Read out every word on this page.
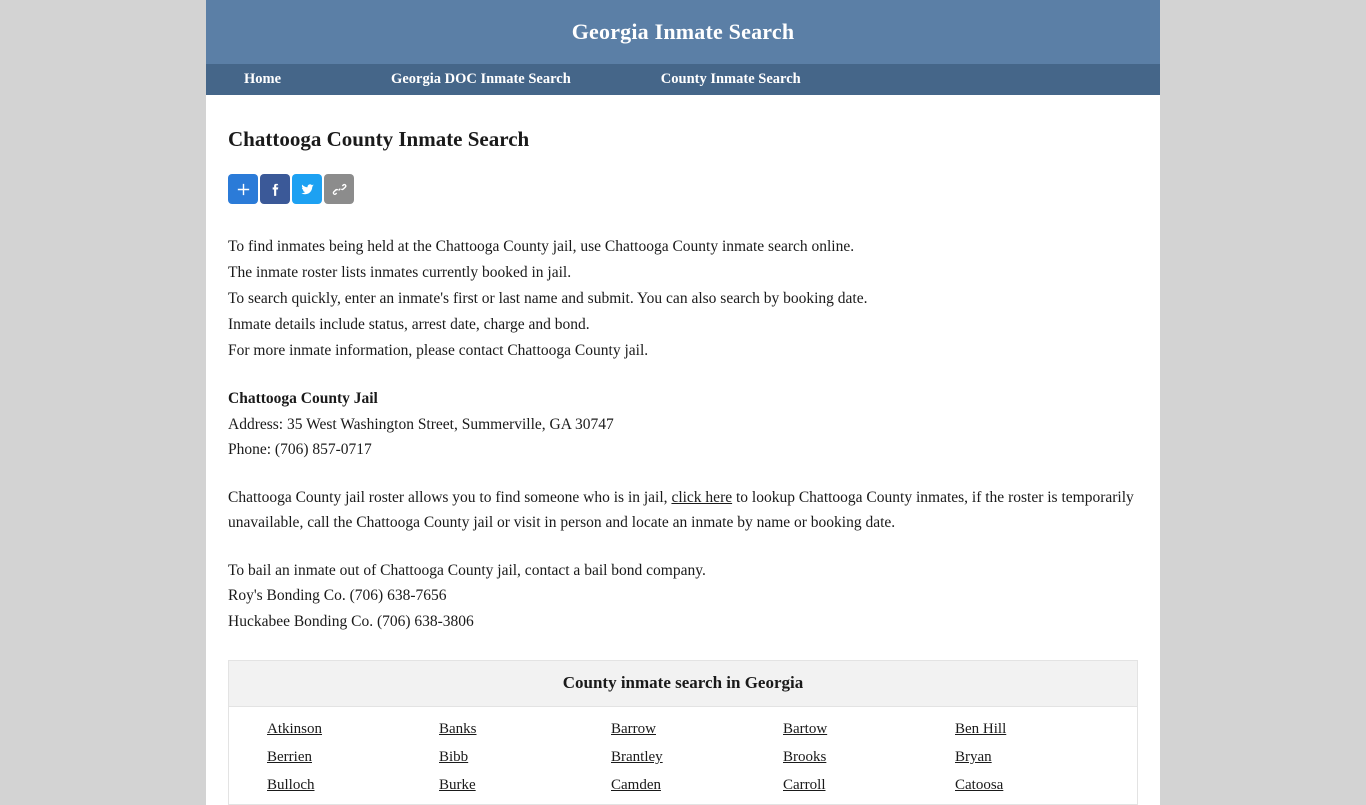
Georgia Inmate Search
Home	Georgia DOC Inmate Search	County Inmate Search
Chattooga County Inmate Search
To find inmates being held at the Chattooga County jail, use Chattooga County inmate search online.
The inmate roster lists inmates currently booked in jail.
To search quickly, enter an inmate's first or last name and submit. You can also search by booking date.
Inmate details include status, arrest date, charge and bond.
For more inmate information, please contact Chattooga County jail.
Chattooga County Jail
Address: 35 West Washington Street, Summerville, GA 30747
Phone: (706) 857-0717
Chattooga County jail roster allows you to find someone who is in jail, click here to lookup Chattooga County inmates, if the roster is temporarily unavailable, call the Chattooga County jail or visit in person and locate an inmate by name or booking date.
To bail an inmate out of Chattooga County jail, contact a bail bond company.
Roy's Bonding Co. (706) 638-7656
Huckabee Bonding Co. (706) 638-3806
County inmate search in Georgia
Atkinson	Banks	Barrow	Bartow	Ben Hill
Berrien	Bibb	Brantley	Brooks	Bryan
Bulloch	Burke	Camden	Carroll	Catoosa
